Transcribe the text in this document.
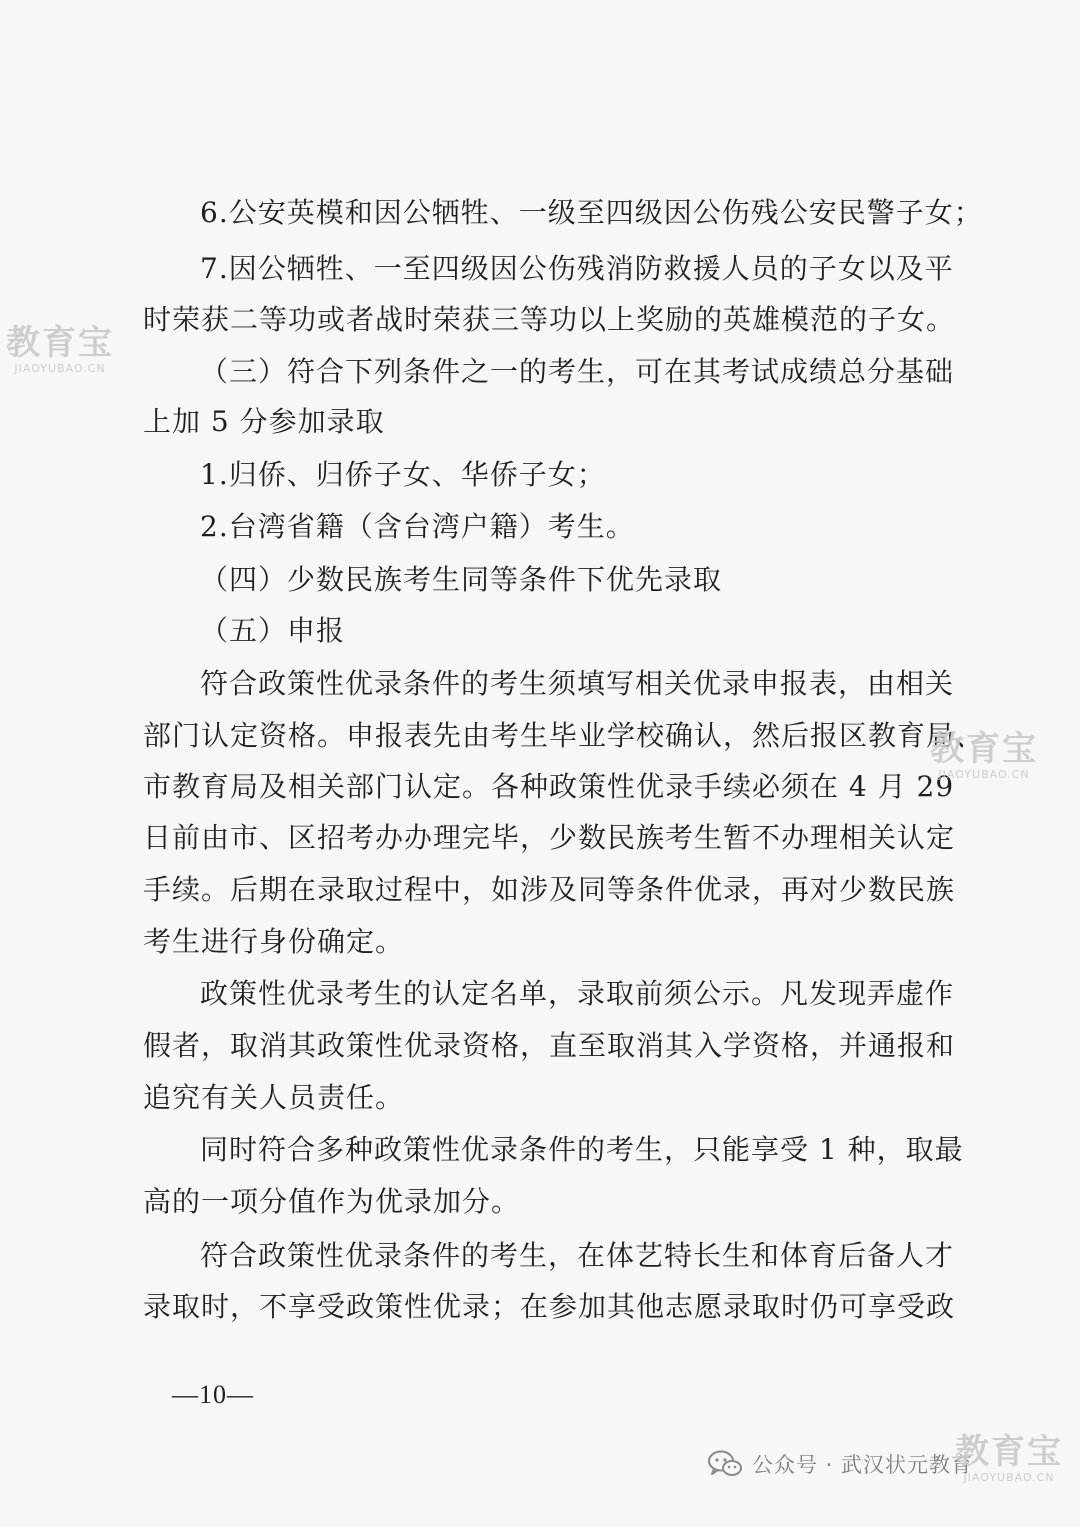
6.公安英模和因公牺牲、一级至四级因公伤残公安民警子女；
7.因公牺牲、一至四级因公伤残消防救援人员的子女以及平
时荣获二等功或者战时荣获三等功以上奖励的英雄模范的子女。
（三）符合下列条件之一的考生，可在其考试成绩总分基础
上加 5 分参加录取
1.归侨、归侨子女、华侨子女；
2.台湾省籍（含台湾户籍）考生。
（四）少数民族考生同等条件下优先录取
（五）申报
符合政策性优录条件的考生须填写相关优录申报表，由相关
部门认定资格。申报表先由考生毕业学校确认，然后报区教育局、
市教育局及相关部门认定。各种政策性优录手续必须在 4 月 29
日前由市、区招考办办理完毕，少数民族考生暂不办理相关认定
手续。后期在录取过程中，如涉及同等条件优录，再对少数民族
考生进行身份确定。
政策性优录考生的认定名单，录取前须公示。凡发现弄虚作
假者，取消其政策性优录资格，直至取消其入学资格，并通报和
追究有关人员责任。
同时符合多种政策性优录条件的考生，只能享受 1 种，取最
高的一项分值作为优录加分。
符合政策性优录条件的考生，在体艺特长生和体育后备人才
录取时，不享受政策性优录；在参加其他志愿录取时仍可享受政
—10—
教育宝
JIAOYUBAO.CN
教育宝
JIAOYUBAO.CN
公众号 · 武汉状元教育
教育宝
JIAOYUBAO.CN
